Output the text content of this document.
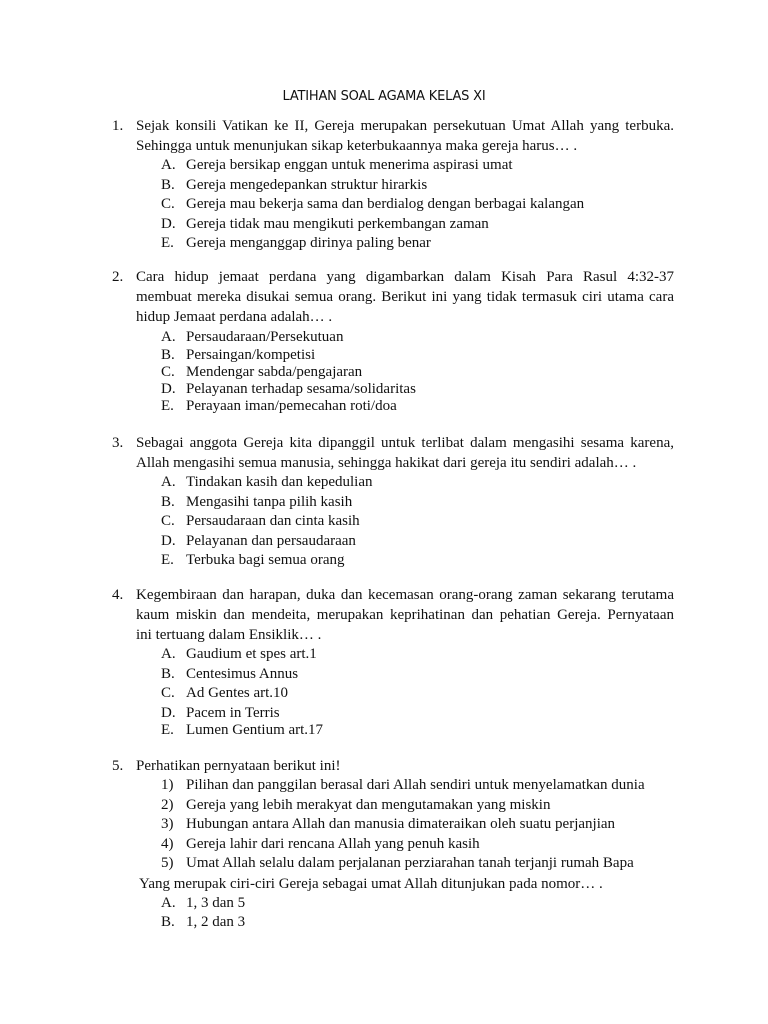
LATIHAN SOAL AGAMA KELAS XI
1. Sejak konsili Vatikan ke II, Gereja merupakan persekutuan Umat Allah yang terbuka.
Sehingga untuk menunjukan sikap keterbukaannya maka gereja harus… .
A. Gereja bersikap enggan untuk menerima aspirasi umat
B. Gereja mengedepankan struktur hirarkis
C. Gereja mau bekerja sama dan berdialog dengan berbagai kalangan
D. Gereja tidak mau mengikuti perkembangan zaman
E. Gereja menganggap dirinya paling benar
2. Cara hidup jemaat perdana yang digambarkan dalam Kisah Para Rasul 4:32-37
membuat mereka disukai semua orang. Berikut ini yang tidak termasuk ciri utama cara
hidup Jemaat perdana adalah… .
A. Persaudaraan/Persekutuan
B. Persaingan/kompetisi
C. Mendengar sabda/pengajaran
D. Pelayanan terhadap sesama/solidaritas
E. Perayaan iman/pemecahan roti/doa
3. Sebagai anggota Gereja kita dipanggil untuk terlibat dalam mengasihi sesama karena,
Allah mengasihi semua manusia, sehingga hakikat dari gereja itu sendiri adalah… .
A. Tindakan kasih dan kepedulian
B. Mengasihi tanpa pilih kasih
C. Persaudaraan dan cinta kasih
D. Pelayanan dan persaudaraan
E. Terbuka bagi semua orang
4. Kegembiraan dan harapan, duka dan kecemasan orang-orang zaman sekarang terutama
kaum miskin dan mendeita, merupakan keprihatinan dan pehatian Gereja. Pernyataan
ini tertuang dalam Ensiklik… .
A. Gaudium et spes art.1
B. Centesimus Annus
C. Ad Gentes art.10
D. Pacem in Terris
E. Lumen Gentium art.17
5. Perhatikan pernyataan berikut ini!
1) Pilihan dan panggilan berasal dari Allah sendiri untuk menyelamatkan dunia
2) Gereja yang lebih merakyat dan mengutamakan yang miskin
3) Hubungan antara Allah dan manusia dimateraikan oleh suatu perjanjian
4) Gereja lahir dari rencana Allah yang penuh kasih
5) Umat Allah selalu dalam perjalanan perziarahan tanah terjanji rumah Bapa
Yang merupak ciri-ciri Gereja sebagai umat Allah ditunjukan pada nomor… .
A. 1, 3 dan 5
B. 1, 2 dan 3
